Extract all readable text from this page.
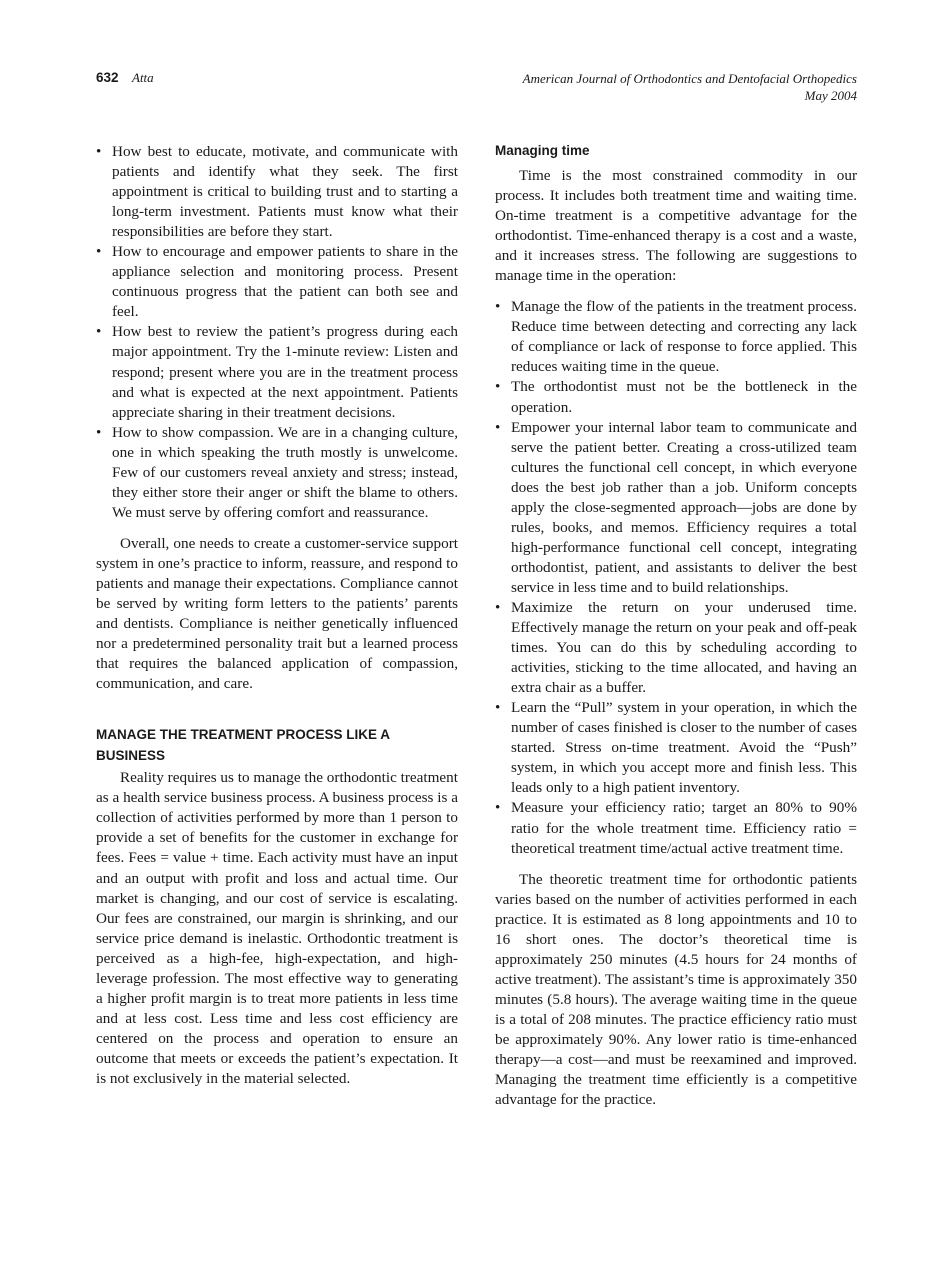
632 Atta	American Journal of Orthodontics and Dentofacial Orthopedics
May 2004
• How best to educate, motivate, and communicate with patients and identify what they seek. The first appointment is critical to building trust and to starting a long-term investment. Patients must know what their responsibilities are before they start.
• How to encourage and empower patients to share in the appliance selection and monitoring process. Present continuous progress that the patient can both see and feel.
• How best to review the patient’s progress during each major appointment. Try the 1-minute review: Listen and respond; present where you are in the treatment process and what is expected at the next appointment. Patients appreciate sharing in their treatment decisions.
• How to show compassion. We are in a changing culture, one in which speaking the truth mostly is unwelcome. Few of our customers reveal anxiety and stress; instead, they either store their anger or shift the blame to others. We must serve by offering comfort and reassurance.

Overall, one needs to create a customer-service support system in one’s practice to inform, reassure, and respond to patients and manage their expectations. Compliance cannot be served by writing form letters to the patients’ parents and dentists. Compliance is neither genetically influenced nor a predetermined personality trait but a learned process that requires the balanced application of compassion, communication, and care.

MANAGE THE TREATMENT PROCESS LIKE A BUSINESS

Reality requires us to manage the orthodontic treatment as a health service business process. A business process is a collection of activities performed by more than 1 person to provide a set of benefits for the customer in exchange for fees. Fees = value + time. Each activity must have an input and an output with profit and loss and actual time. Our market is changing, and our cost of service is escalating. Our fees are constrained, our margin is shrinking, and our service price demand is inelastic. Orthodontic treatment is perceived as a high-fee, high-expectation, and high-leverage profession. The most effective way to generating a higher profit margin is to treat more patients in less time and at less cost. Less time and less cost efficiency are centered on the process and operation to ensure an outcome that meets or exceeds the patient’s expectation. It is not exclusively in the material selected.

Managing time

Time is the most constrained commodity in our process. It includes both treatment time and waiting time. On-time treatment is a competitive advantage for the orthodontist. Time-enhanced therapy is a cost and a waste, and it increases stress. The following are suggestions to manage time in the operation:

• Manage the flow of the patients in the treatment process. Reduce time between detecting and correcting any lack of compliance or lack of response to force applied. This reduces waiting time in the queue.
• The orthodontist must not be the bottleneck in the operation.
• Empower your internal labor team to communicate and serve the patient better. Creating a cross-utilized team cultures the functional cell concept, in which everyone does the best job rather than a job. Uniform concepts apply the close-segmented approach—jobs are done by rules, books, and memos. Efficiency requires a total high-performance functional cell concept, integrating orthodontist, patient, and assistants to deliver the best service in less time and to build relationships.
• Maximize the return on your underused time. Effectively manage the return on your peak and off-peak times. You can do this by scheduling according to activities, sticking to the time allocated, and having an extra chair as a buffer.
• Learn the “Pull” system in your operation, in which the number of cases finished is closer to the number of cases started. Stress on-time treatment. Avoid the “Push” system, in which you accept more and finish less. This leads only to a high patient inventory.
• Measure your efficiency ratio; target an 80% to 90% ratio for the whole treatment time. Efficiency ratio = theoretical treatment time/actual active treatment time.

The theoretic treatment time for orthodontic patients varies based on the number of activities performed in each practice. It is estimated as 8 long appointments and 10 to 16 short ones. The doctor’s theoretical time is approximately 250 minutes (4.5 hours for 24 months of active treatment). The assistant’s time is approximately 350 minutes (5.8 hours). The average waiting time in the queue is a total of 208 minutes. The practice efficiency ratio must be approximately 90%. Any lower ratio is time-enhanced therapy—a cost—and must be reexamined and improved. Managing the treatment time efficiently is a competitive advantage for the practice.
